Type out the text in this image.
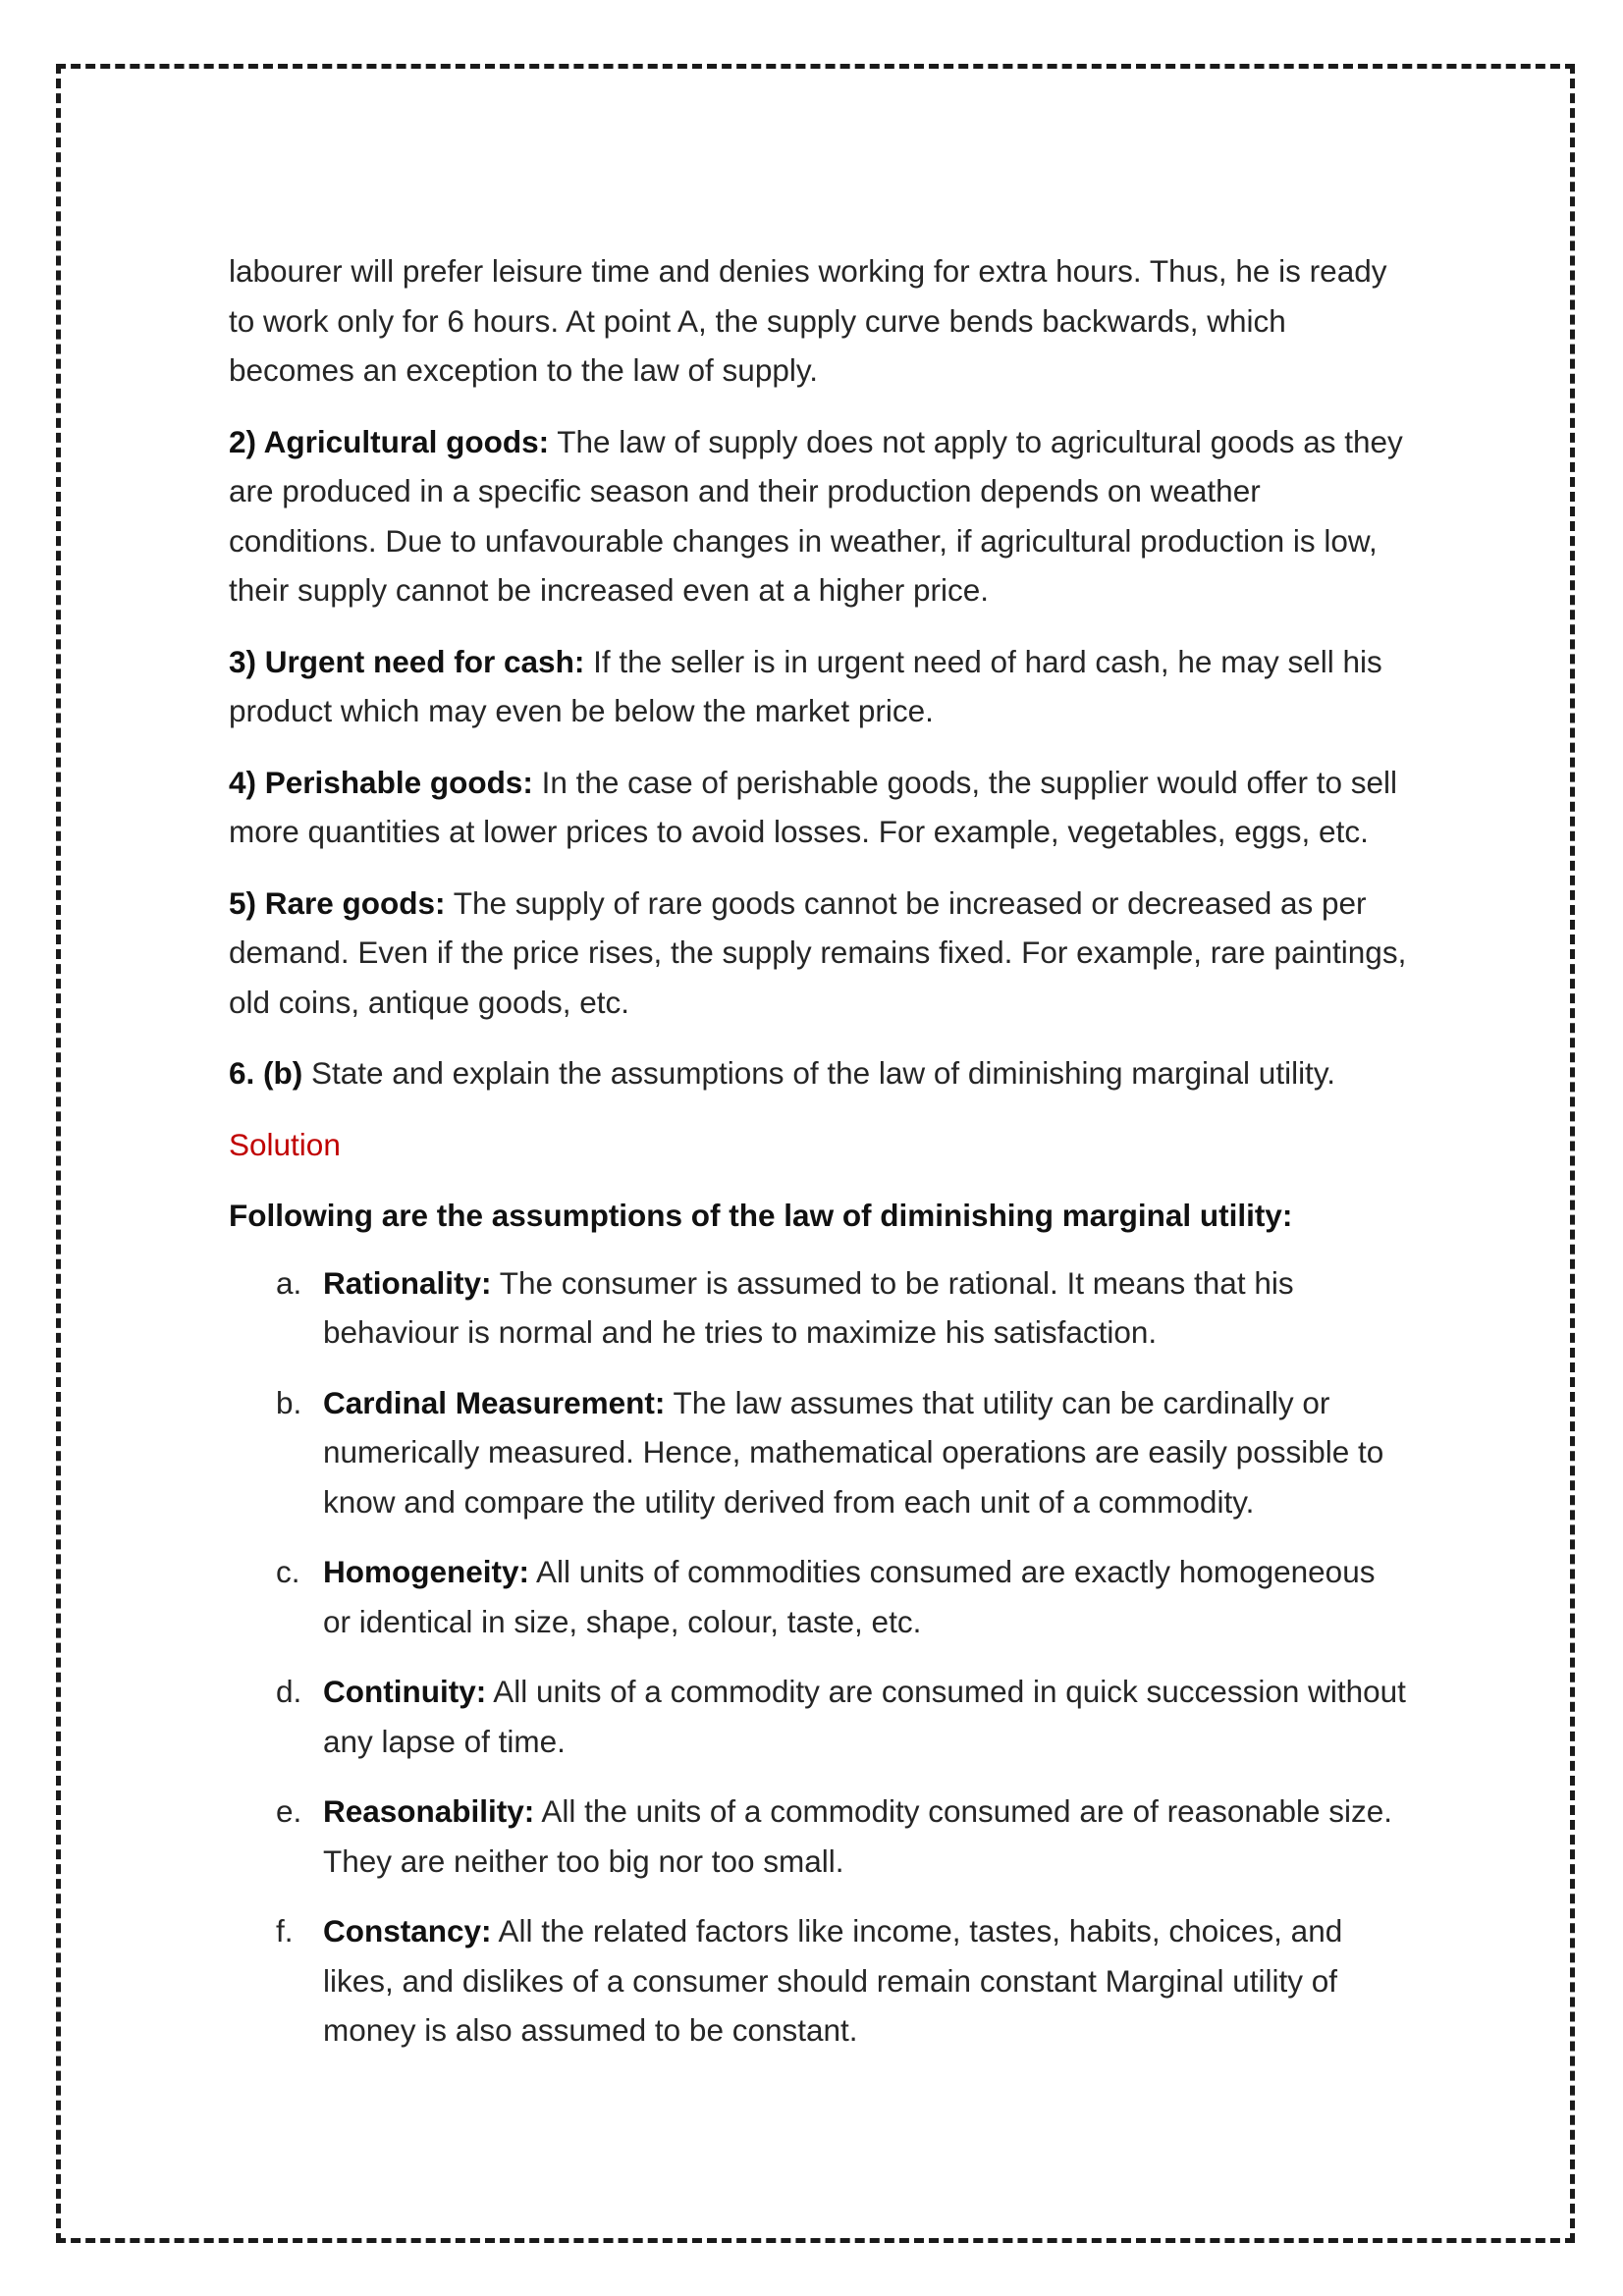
labourer will prefer leisure time and denies working for extra hours. Thus, he is ready to work only for 6 hours. At point A, the supply curve bends backwards, which becomes an exception to the law of supply.

2) Agricultural goods: The law of supply does not apply to agricultural goods as they are produced in a specific season and their production depends on weather conditions. Due to unfavourable changes in weather, if agricultural production is low, their supply cannot be increased even at a higher price.

3) Urgent need for cash: If the seller is in urgent need of hard cash, he may sell his product which may even be below the market price.

4) Perishable goods: In the case of perishable goods, the supplier would offer to sell more quantities at lower prices to avoid losses. For example, vegetables, eggs, etc.

5) Rare goods: The supply of rare goods cannot be increased or decreased as per demand. Even if the price rises, the supply remains fixed. For example, rare paintings, old coins, antique goods, etc.

6. (b) State and explain the assumptions of the law of diminishing marginal utility.

Solution

Following are the assumptions of the law of diminishing marginal utility:

a. Rationality: The consumer is assumed to be rational. It means that his behaviour is normal and he tries to maximize his satisfaction.
b. Cardinal Measurement: The law assumes that utility can be cardinally or numerically measured. Hence, mathematical operations are easily possible to know and compare the utility derived from each unit of a commodity.
c. Homogeneity: All units of commodities consumed are exactly homogeneous or identical in size, shape, colour, taste, etc.
d. Continuity: All units of a commodity are consumed in quick succession without any lapse of time.
e. Reasonability: All the units of a commodity consumed are of reasonable size. They are neither too big nor too small.
f. Constancy: All the related factors like income, tastes, habits, choices, and likes, and dislikes of a consumer should remain constant Marginal utility of money is also assumed to be constant.
